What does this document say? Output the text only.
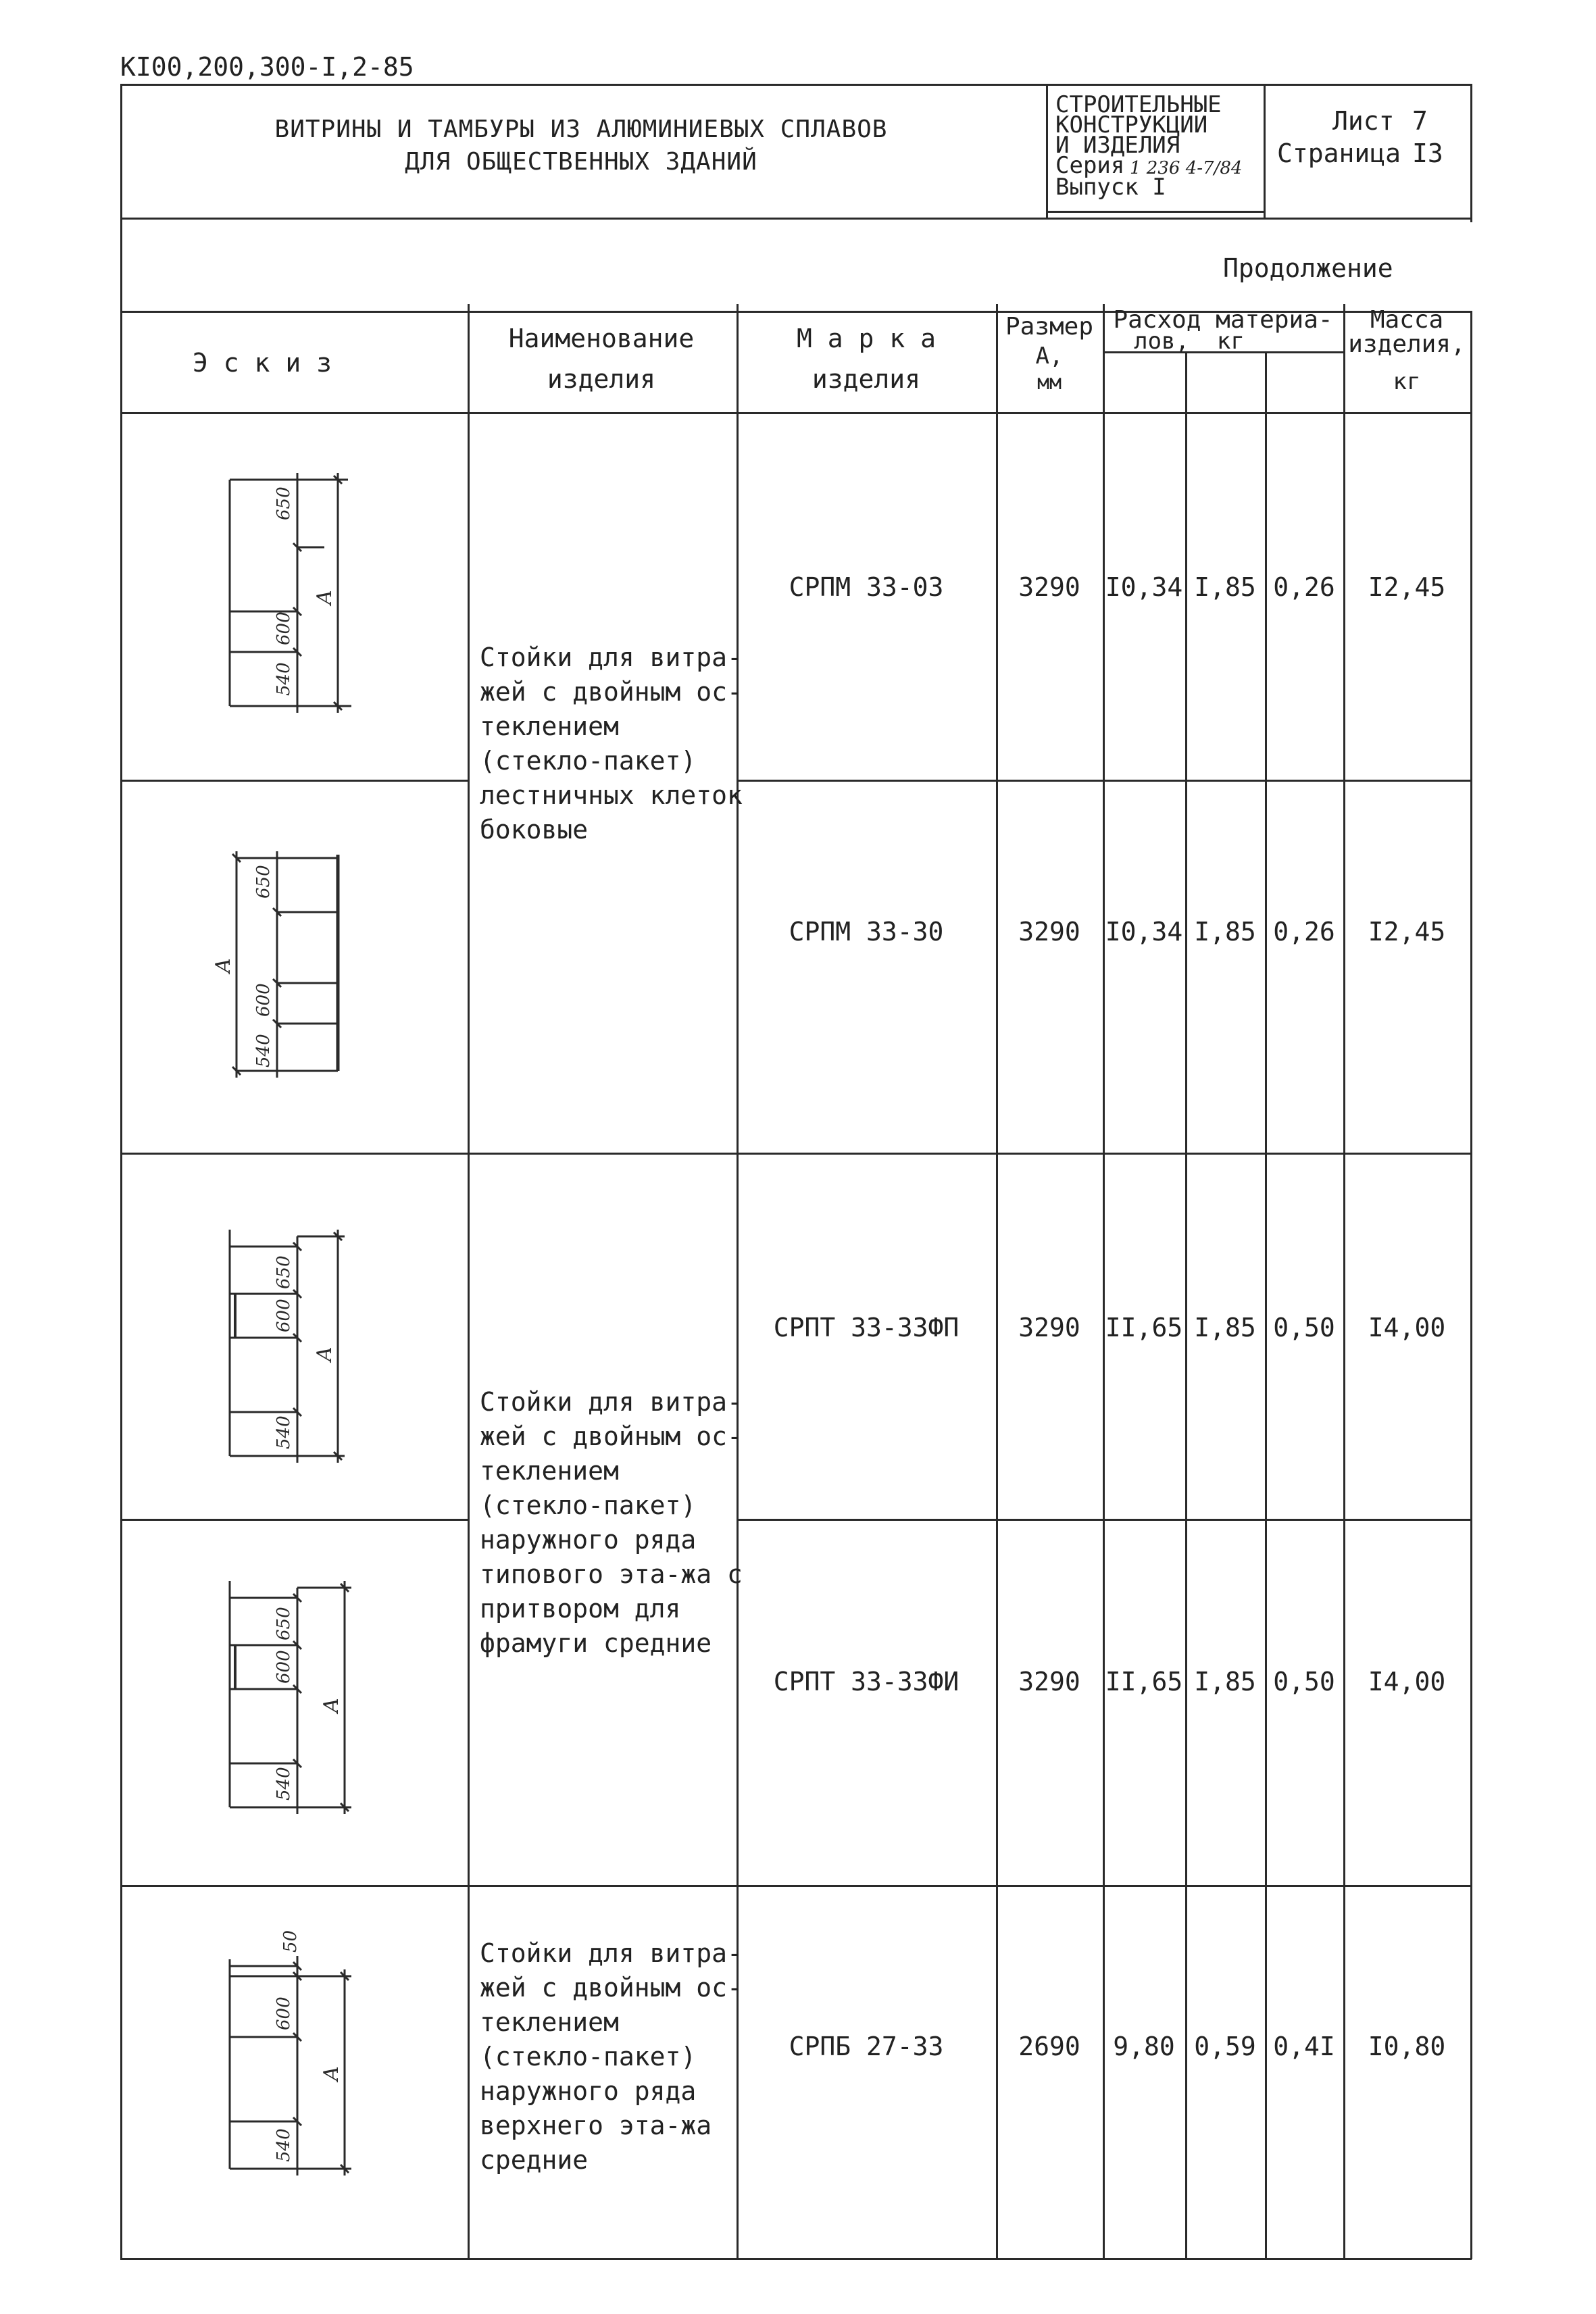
КI00,200,300-I,2-85
ВИТРИНЫ И ТАМБУРЫ ИЗ АЛЮМИНИЕВЫХ СПЛАВОВ
ДЛЯ ОБЩЕСТВЕННЫХ ЗДАНИЙ
СТРОИТЕЛЬНЫЕ
КОНСТРУКЦИИ
И ИЗДЕЛИЯ
Серия 1 236 4-7/84
Выпуск I
Лист 7
Страница I3
Продолжение
Э с к и з
Наименование
изделия
М а р к а
изделия
Размер
А,
мм
Расход материа-
лов,  кг
Масса
изделия,
кг
Стойки для витра-жей с двойным ос-теклением (стекло-пакет) лестничных клеток боковые
Стойки для витра-жей с двойным ос-теклением (стекло-пакет) наружного ряда типового эта-жа с притвором для фрамуги средние
Стойки для витра-жей с двойным ос-теклением (стекло-пакет) наружного ряда верхнего эта-жа средние
СРПМ 33-03	3290 I0,34 I,85 0,26 I2,45
СРПМ 33-30	3290 I0,34 I,85 0,26 I2,45
СРПТ 33-33ФП 3290 II,65 I,85 0,50 I4,00
СРПТ 33-33ФИ 3290 II,65 I,85 0,50 I4,00
СРПБ 27-33	2690 9,80 0,59 0,4I I0,80
650
600
540
A
650
600
540
A
650
600
540
A
650
600
540
A
50
600
540
A
